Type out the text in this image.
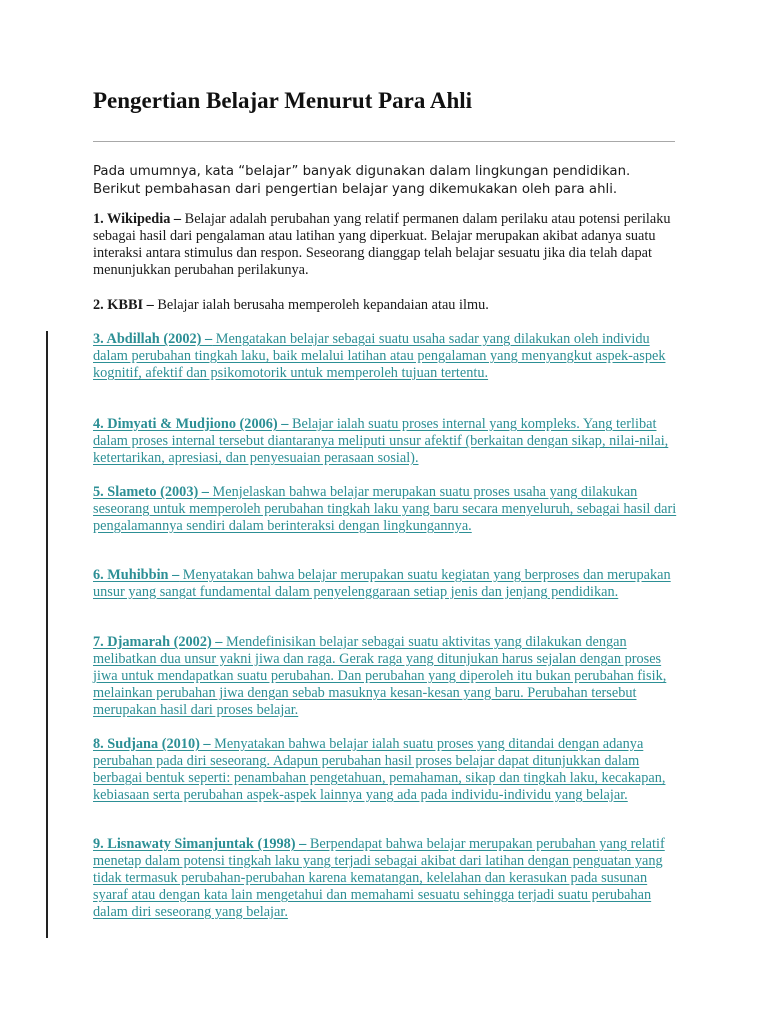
Pengertian Belajar Menurut Para Ahli

Pada umumnya, kata “belajar” banyak digunakan dalam lingkungan pendidikan. Berikut pembahasan dari pengertian belajar yang dikemukakan oleh para ahli.

1. Wikipedia – Belajar adalah perubahan yang relatif permanen dalam perilaku atau potensi perilaku sebagai hasil dari pengalaman atau latihan yang diperkuat. Belajar merupakan akibat adanya suatu interaksi antara stimulus dan respon. Seseorang dianggap telah belajar sesuatu jika dia telah dapat menunjukkan perubahan perilakunya.

2. KBBI – Belajar ialah berusaha memperoleh kepandaian atau ilmu.

3. Abdillah (2002) – Mengatakan belajar sebagai suatu usaha sadar yang dilakukan oleh individu dalam perubahan tingkah laku, baik melalui latihan atau pengalaman yang menyangkut aspek-aspek kognitif, afektif dan psikomotorik untuk memperoleh tujuan tertentu.

4. Dimyati & Mudjiono (2006) – Belajar ialah suatu proses internal yang kompleks. Yang terlibat dalam proses internal tersebut diantaranya meliputi unsur afektif (berkaitan dengan sikap, nilai-nilai, ketertarikan, apresiasi, dan penyesuaian perasaan sosial).

5. Slameto (2003) – Menjelaskan bahwa belajar merupakan suatu proses usaha yang dilakukan seseorang untuk memperoleh perubahan tingkah laku yang baru secara menyeluruh, sebagai hasil dari pengalamannya sendiri dalam berinteraksi dengan lingkungannya.

6. Muhibbin – Menyatakan bahwa belajar merupakan suatu kegiatan yang berproses dan merupakan unsur yang sangat fundamental dalam penyelenggaraan setiap jenis dan jenjang pendidikan.

7. Djamarah (2002) – Mendefinisikan belajar sebagai suatu aktivitas yang dilakukan dengan melibatkan dua unsur yakni jiwa dan raga. Gerak raga yang ditunjukan harus sejalan dengan proses jiwa untuk mendapatkan suatu perubahan. Dan perubahan yang diperoleh itu bukan perubahan fisik, melainkan perubahan jiwa dengan sebab masuknya kesan-kesan yang baru. Perubahan tersebut merupakan hasil dari proses belajar.

8. Sudjana (2010) – Menyatakan bahwa belajar ialah suatu proses yang ditandai dengan adanya perubahan pada diri seseorang. Adapun perubahan hasil proses belajar dapat ditunjukkan dalam berbagai bentuk seperti: penambahan pengetahuan, pemahaman, sikap dan tingkah laku, kecakapan, kebiasaan serta perubahan aspek-aspek lainnya yang ada pada individu-individu yang belajar.

9. Lisnawaty Simanjuntak (1998) – Berpendapat bahwa belajar merupakan perubahan yang relatif menetap dalam potensi tingkah laku yang terjadi sebagai akibat dari latihan dengan penguatan yang tidak termasuk perubahan-perubahan karena kematangan, kelelahan dan kerasukan pada susunan syaraf atau dengan kata lain mengetahui dan memahami sesuatu sehingga terjadi suatu perubahan dalam diri seseorang yang belajar.
